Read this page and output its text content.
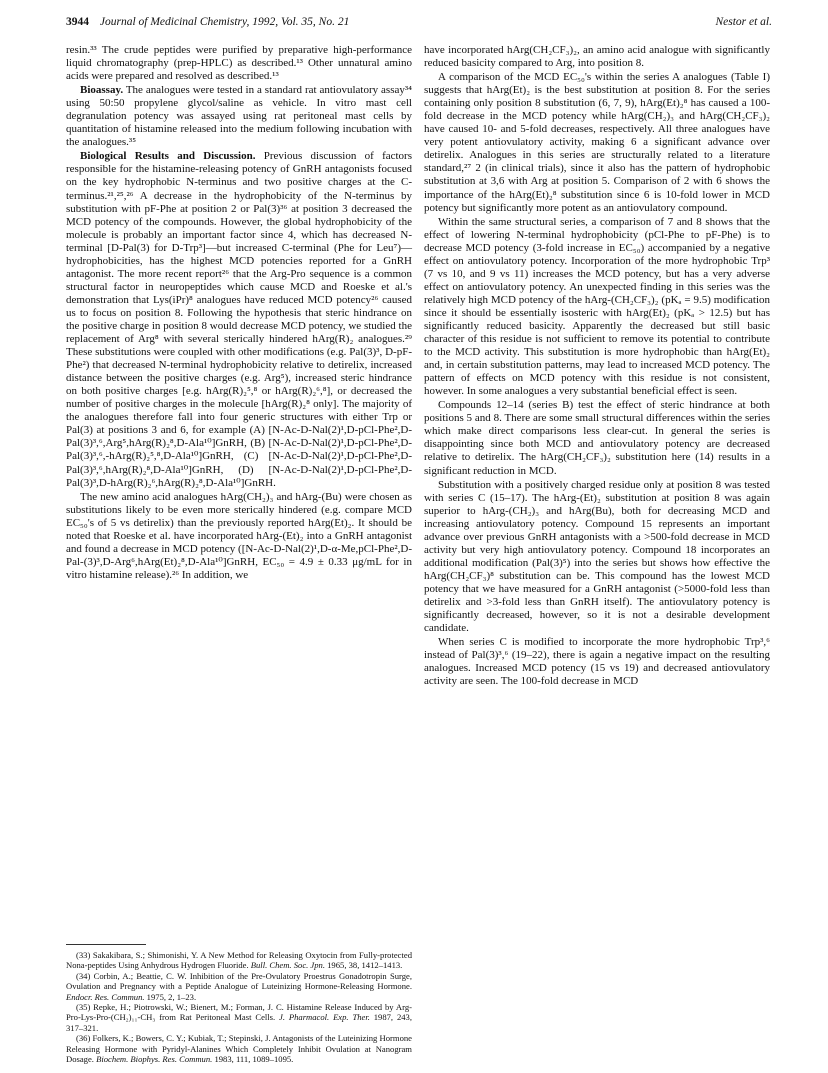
3944 Journal of Medicinal Chemistry, 1992, Vol. 35, No. 21	Nestor et al.

resin.³³ The crude peptides were purified by preparative high-performance liquid chromatography (prep-HPLC) as described.¹³ Other unnatural amino acids were prepared and resolved as described.¹³

Bioassay. The analogues were tested in a standard rat antiovulatory assay³⁴ using 50:50 propylene glycol/saline as vehicle. In vitro mast cell degranulation potency was assayed using rat peritoneal mast cells by quantitation of histamine released into the medium following incubation with the analogues.³⁵

Biological Results and Discussion. Previous discussion of factors responsible for the histamine-releasing potency of GnRH antagonists focused on the key hydrophobic N-terminus and two positive charges at the C-terminus.²¹,²⁵,²⁶ A decrease in the hydrophobicity of the N-terminus by substitution with pF-Phe at position 2 or Pal(3)³⁶ at position 3 decreased the MCD potency of the compounds. However, the global hydrophobicity of the molecule is probably an important factor since 4, which has decreased N-terminal [D-Pal(3) for D-Trp³]—but increased C-terminal (Phe for Leu⁷)—hydrophobicities, has the highest MCD potencies reported for a GnRH antagonist. The more recent report²⁶ that the Arg-Pro sequence is a common structural factor in neuropeptides which cause MCD and Roeske et al.'s demonstration that Lys(iPr)⁸ analogues have reduced MCD potency²⁶ caused us to focus on position 8. Following the hypothesis that steric hindrance on the positive charge in position 8 would decrease MCD potency, we studied the replacement of Arg⁸ with several sterically hindered hArg(R)₂ analogues.²⁹ These substitutions were coupled with other modifications (e.g. Pal(3)³, D-pF-Phe²) that decreased N-terminal hydrophobicity relative to detirelix, increased distance between the positive charges (e.g. Arg⁵), increased steric hindrance on both positive charges [e.g. hArg(R)₂⁵,⁸ or hArg(R)₂⁶,⁸], or decreased the number of positive charges in the molecule [hArg(R)₂⁸ only]. The majority of the analogues therefore fall into four generic structures with either Trp or Pal(3) at positions 3 and 6, for example (A) [N-Ac-D-Nal(2)¹,D-pCl-Phe²,D-Pal(3)³,⁶,Arg⁵,hArg(R)₂⁸,D-Ala¹⁰]GnRH, (B) [N-Ac-D-Nal(2)¹,D-pCl-Phe²,D-Pal(3)³,⁶,-hArg(R)₂⁵,⁸,D-Ala¹⁰]GnRH, (C) [N-Ac-D-Nal(2)¹,D-pCl-Phe²,D-Pal(3)³,⁶,hArg(R)₂⁸,D-Ala¹⁰]GnRH, (D) [N-Ac-D-Nal(2)¹,D-pCl-Phe²,D-Pal(3)³,D-hArg(R)₂⁶,hArg(R)₂⁸,D-Ala¹⁰]GnRH.

The new amino acid analogues hArg(CH₂)₃ and hArg-(Bu) were chosen as substitutions likely to be even more sterically hindered (e.g. compare MCD EC₅₀'s of 5 vs detirelix) than the previously reported hArg(Et)₂. It should be noted that Roeske et al. have incorporated hArg-(Et)₂ into a GnRH antagonist and found a decrease in MCD potency ([N-Ac-D-Nal(2)¹,D-α-Me,pCl-Phe²,D-Pal-(3)³,D-Arg⁶,hArg(Et)₂⁸,D-Ala¹⁰]GnRH, EC₅₀ = 4.9 ± 0.33 μg/mL for in vitro histamine release).²⁶ In addition, we

(33) Sakakibara, S.; Shimonishi, Y. A New Method for Releasing Oxytocin from Fully-protected Nona-peptides Using Anhydrous Hydrogen Fluoride. Bull. Chem. Soc. Jpn. 1965, 38, 1412–1413.

(34) Corbin, A.; Beattie, C. W. Inhibition of the Pre-Ovulatory Proestrus Gonadotropin Surge, Ovulation and Pregnancy with a Peptide Analogue of Luteinizing Hormone-Releasing Hormone. Endocr. Res. Commun. 1975, 2, 1–23.

(35) Repke, H.; Piotrowski, W.; Bienert, M.; Forman, J. C. Histamine Release Induced by Arg-Pro-Lys-Pro-(CH₂)₁₁-CH₃ from Rat Peritoneal Mast Cells. J. Pharmacol. Exp. Ther. 1987, 243, 317–321.

(36) Folkers, K.; Bowers, C. Y.; Kubiak, T.; Stepinski, J. Antagonists of the Luteinizing Hormone Releasing Hormone with Pyridyl-Alanines Which Completely Inhibit Ovulation at Nanogram Dosage. Biochem. Biophys. Res. Commun. 1983, 111, 1089–1095.

have incorporated hArg(CH₂CF₃)₂, an amino acid analogue with significantly reduced basicity compared to Arg, into position 8.

A comparison of the MCD EC₅₀'s within the series A analogues (Table I) suggests that hArg(Et)₂ is the best substitution at position 8. For the series containing only position 8 substitution (6, 7, 9), hArg(Et)₂⁸ has caused a 100-fold decrease in the MCD potency while hArg(CH₂)₃ and hArg(CH₂CF₃)₂ have caused 10- and 5-fold decreases, respectively. All three analogues have very potent antiovulatory activity, making 6 a significant advance over detirelix. Analogues in this series are structurally related to a literature standard,²⁷ 2 (in clinical trials), since it also has the pattern of hydrophobic substitution at 3,6 with Arg at position 5. Comparison of 2 with 6 shows the importance of the hArg(Et)₂⁸ substitution since 6 is 10-fold lower in MCD potency but significantly more potent as an antiovulatory compound.

Within the same structural series, a comparison of 7 and 8 shows that the effect of lowering N-terminal hydrophobicity (pCl-Phe to pF-Phe) is to decrease MCD potency (3-fold increase in EC₅₀) accompanied by a negative effect on antiovulatory potency. Incorporation of the more hydrophobic Trp³ (7 vs 10, and 9 vs 11) increases the MCD potency, but has a very adverse effect on antiovulatory potency. An unexpected finding in this series was the relatively high MCD potency of the hArg-(CH₂CF₃)₂ (pKₐ = 9.5) modification since it should be essentially isosteric with hArg(Et)₂ (pKₐ > 12.5) but has significantly reduced basicity. Apparently the decreased but still basic character of this residue is not sufficient to remove its potential to contribute to the MCD activity. This substitution is more hydrophobic than hArg(Et)₂ and, in certain substitution patterns, may lead to increased MCD potency. The pattern of effects on MCD potency with this residue is not consistent, however. In some analogues a very substantial beneficial effect is seen.

Compounds 12–14 (series B) test the effect of steric hindrance at both positions 5 and 8. There are some small structural differences within the series which make direct comparisons less clear-cut. In general the series is disappointing since both MCD and antiovulatory potency are decreased relative to detirelix. The hArg(CH₂CF₃)₂ substitution here (14) results in a significant reduction in MCD.

Substitution with a positively charged residue only at position 8 was tested with series C (15–17). The hArg-(Et)₂ substitution at position 8 was again superior to hArg-(CH₂)₃ and hArg(Bu), both for decreasing MCD and increasing antiovulatory potency. Compound 15 represents an important advance over previous GnRH antagonists with a >500-fold decrease in MCD activity but very high antiovulatory potency. Compound 18 incorporates an additional modification (Pal(3)⁵) into the series but shows how effective the hArg(CH₂CF₃)⁸ substitution can be. This compound has the lowest MCD potency that we have measured for a GnRH antagonist (>5000-fold less than detirelix and >3-fold less than GnRH itself). The antiovulatory potency is significantly decreased, however, so it is not a desirable development candidate.

When series C is modified to incorporate the more hydrophobic Trp³,⁶ instead of Pal(3)³,⁶ (19–22), there is again a negative impact on the resulting analogues. Increased MCD potency (15 vs 19) and decreased antiovulatory activity are seen. The 100-fold decrease in MCD
